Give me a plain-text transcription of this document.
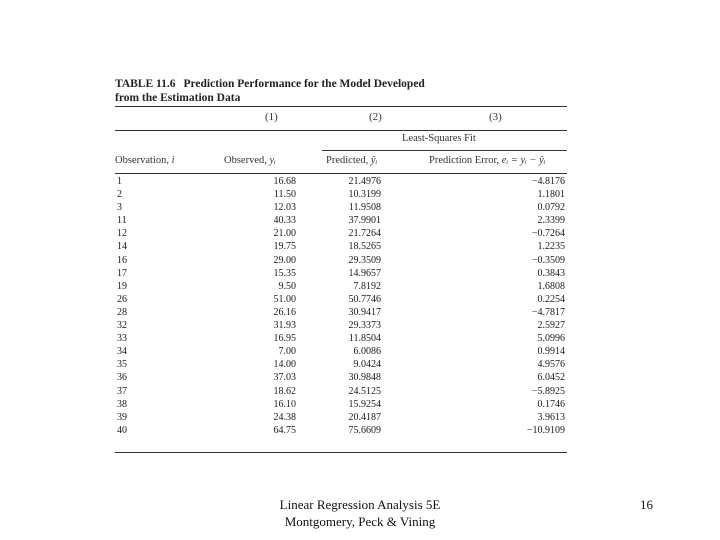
TABLE 11.6 Prediction Performance for the Model Developed
from the Estimation Data
(1)	(2)	(3)
Least-Squares Fit
Observation, i	Observed, yᵢ	Predicted, ŷᵢ	Prediction Error, eᵢ = yᵢ − ŷᵢ
1	16.68	21.4976	−4.8176
2	11.50	10.3199	1.1801
3	12.03	11.9508	0.0792
11	40.33	37.9901	2.3399
12	21.00	21.7264	−0.7264
14	19.75	18.5265	1.2235
16	29.00	29.3509	−0.3509
17	15.35	14.9657	0.3843
19	9.50	7.8192	1.6808
26	51.00	50.7746	0.2254
28	26.16	30.9417	−4.7817
32	31.93	29.3373	2.5927
33	16.95	11.8504	5.0996
34	7.00	6.0086	0.9914
35	14.00	9.0424	4.9576
36	37.03	30.9848	6.0452
37	18.62	24.5125	−5.8925
38	16.10	15.9254	0.1746
39	24.38	20.4187	3.9613
40	64.75	75.6609	−10.9109
Linear Regression Analysis 5E
Montgomery, Peck & Vining
16
